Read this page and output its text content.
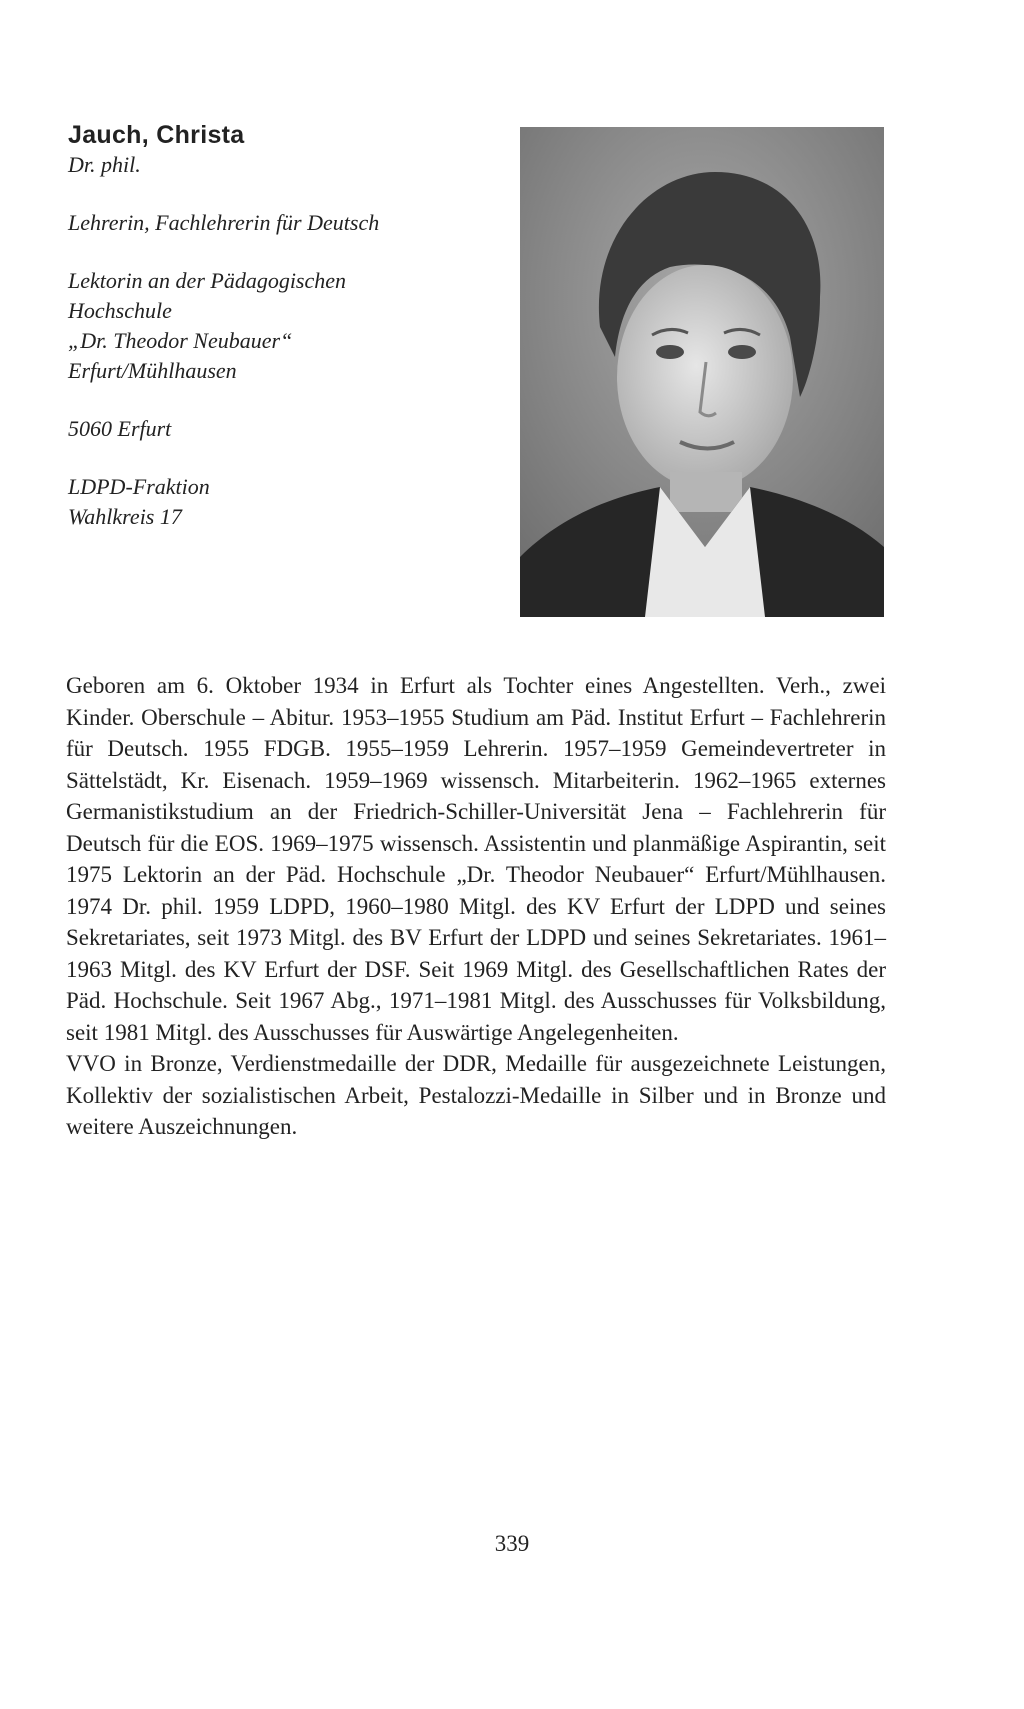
Jauch, Christa

Dr. phil.

Lehrerin, Fachlehrerin für Deutsch

Lektorin an der Pädagogischen

Hochschule

„Dr. Theodor Neubauer“

Erfurt/Mühlhausen

5060 Erfurt

LDPD-Fraktion

Wahlkreis 17

Geboren am 6. Oktober 1934 in Erfurt als Tochter eines Angestellten. Verh., zwei Kinder. Oberschule – Abitur. 1953–1955 Studium am Päd. Institut Erfurt – Fachlehrerin für Deutsch. 1955 FDGB. 1955–1959 Lehrerin. 1957–1959 Gemeindevertreter in Sättelstädt, Kr. Eisenach. 1959–1969 wissensch. Mitarbeiterin. 1962–1965 externes Germanistikstudium an der Friedrich-Schiller-Universität Jena – Fachlehrerin für Deutsch für die EOS. 1969–1975 wissensch. Assistentin und planmäßige Aspirantin, seit 1975 Lektorin an der Päd. Hochschule „Dr. Theodor Neubauer“ Erfurt/Mühlhausen. 1974 Dr. phil. 1959 LDPD, 1960–1980 Mitgl. des KV Erfurt der LDPD und seines Sekretariates, seit 1973 Mitgl. des BV Erfurt der LDPD und seines Sekretariates. 1961–1963 Mitgl. des KV Erfurt der DSF. Seit 1969 Mitgl. des Gesellschaftlichen Rates der Päd. Hochschule. Seit 1967 Abg., 1971–1981 Mitgl. des Ausschusses für Volksbildung, seit 1981 Mitgl. des Ausschusses für Auswärtige Angelegenheiten.

VVO in Bronze, Verdienstmedaille der DDR, Medaille für ausgezeichnete Leistungen, Kollektiv der sozialistischen Arbeit, Pestalozzi-Medaille in Silber und in Bronze und weitere Auszeichnungen.

339
